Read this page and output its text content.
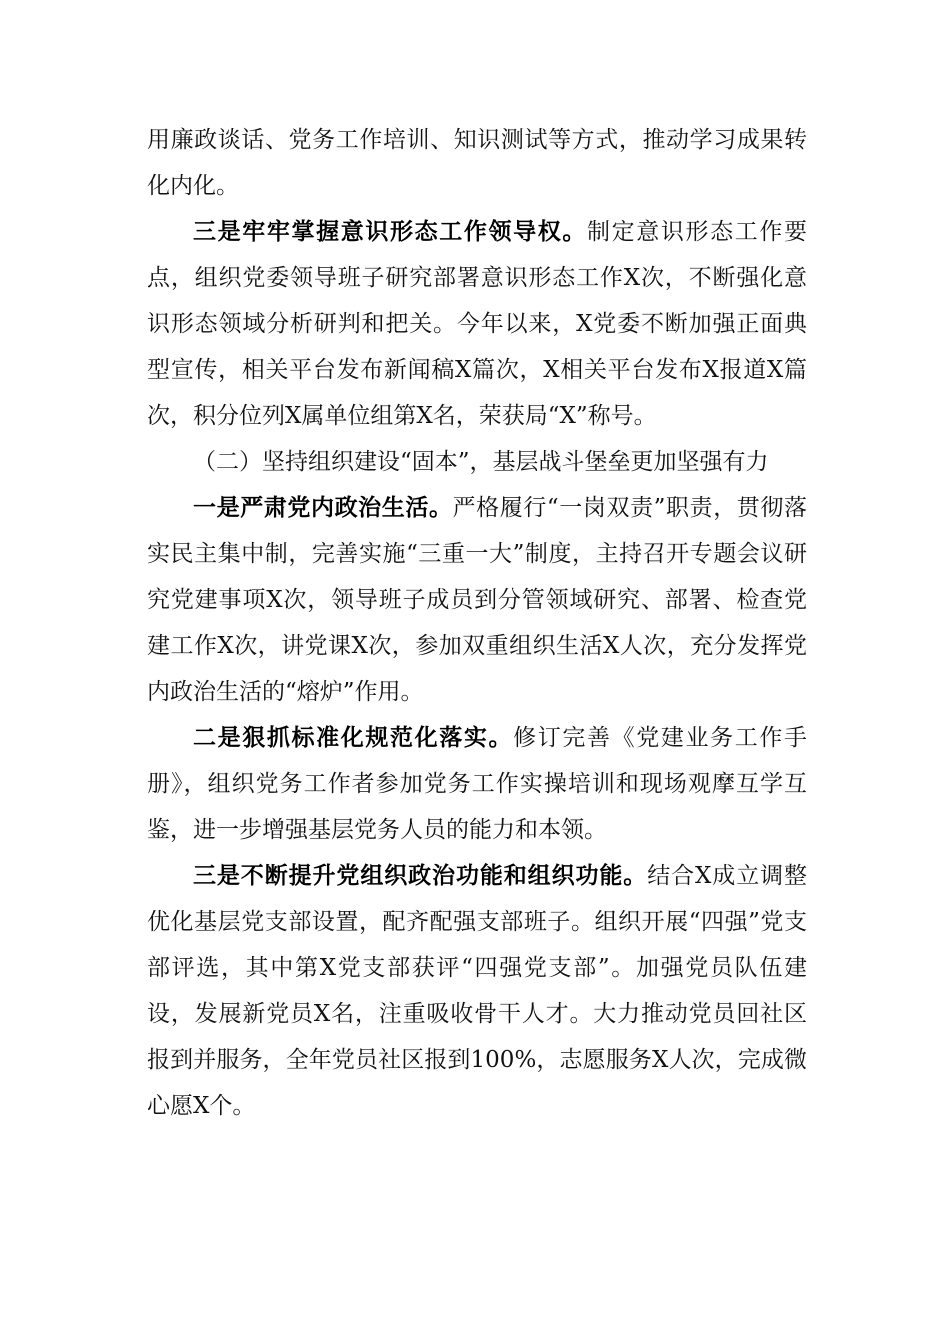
用廉政谈话、党务工作培训、知识测试等方式，推动学习成果转化内化。

三是牢牢掌握意识形态工作领导权。制定意识形态工作要点，组织党委领导班子研究部署意识形态工作X次，不断强化意识形态领域分析研判和把关。今年以来，X党委不断加强正面典型宣传，相关平台发布新闻稿X篇次，X相关平台发布X报道X篇次，积分位列X属单位组第X名，荣获局“X”称号。

（二）坚持组织建设“固本”，基层战斗堡垒更加坚强有力

一是严肃党内政治生活。严格履行“一岗双责”职责，贯彻落实民主集中制，完善实施“三重一大”制度，主持召开专题会议研究党建事项X次，领导班子成员到分管领域研究、部署、检查党建工作X次，讲党课X次，参加双重组织生活X人次，充分发挥党内政治生活的“熔炉”作用。

二是狠抓标准化规范化落实。修订完善《党建业务工作手册》，组织党务工作者参加党务工作实操培训和现场观摩互学互鉴，进一步增强基层党务人员的能力和本领。

三是不断提升党组织政治功能和组织功能。结合X成立调整优化基层党支部设置，配齐配强支部班子。组织开展“四强”党支部评选，其中第X党支部获评“四强党支部”。加强党员队伍建设，发展新党员X名，注重吸收骨干人才。大力推动党员回社区报到并服务，全年党员社区报到100%，志愿服务X人次，完成微心愿X个。
